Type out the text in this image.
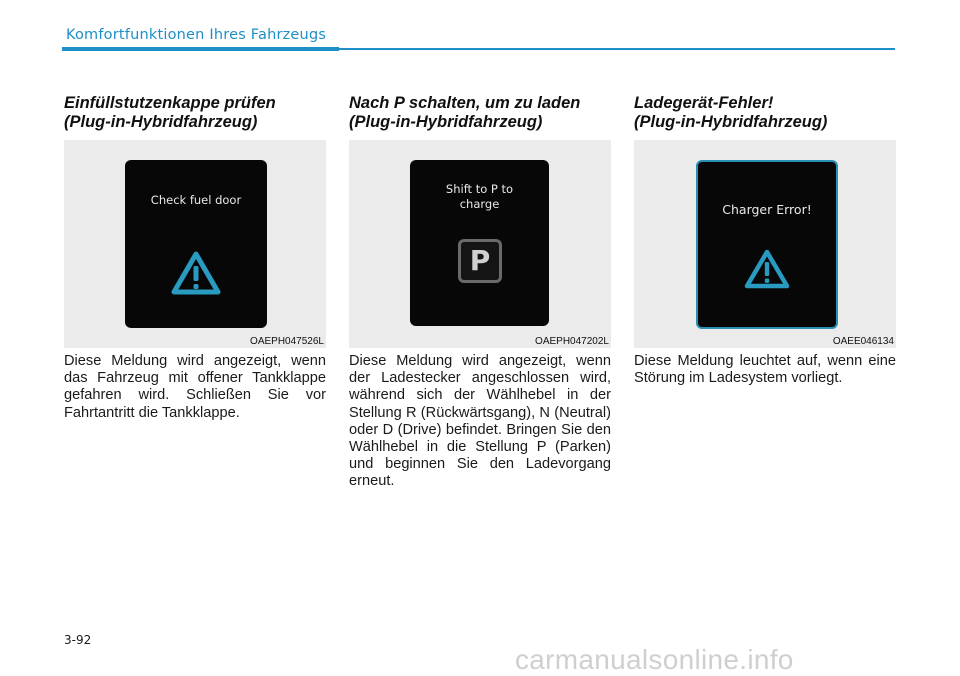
Komfortfunktionen Ihres Fahrzeugs
Einfüllstutzenkappe prüfen
(Plug-in-Hybridfahrzeug)
Check fuel door
OAEPH047526L

Diese Meldung wird angezeigt, wenn das Fahrzeug mit offener Tankklappe gefahren wird. Schließen Sie vor Fahrtantritt die Tankklappe.

Nach P schalten, um zu laden
(Plug-in-Hybridfahrzeug)
Shift to P to
charge
P
OAEPH047202L

Diese Meldung wird angezeigt, wenn der Ladestecker angeschlossen wird, während sich der Wählhebel in der Stellung R (Rückwärtsgang), N (Neutral) oder D (Drive) befindet. Bringen Sie den Wählhebel in die Stellung P (Parken) und beginnen Sie den Ladevorgang erneut.

Ladegerät-Fehler!
(Plug-in-Hybridfahrzeug)
Charger Error!
OAEE046134

Diese Meldung leuchtet auf, wenn eine Störung im Ladesystem vorliegt.

3-92
carmanualsonline.info
